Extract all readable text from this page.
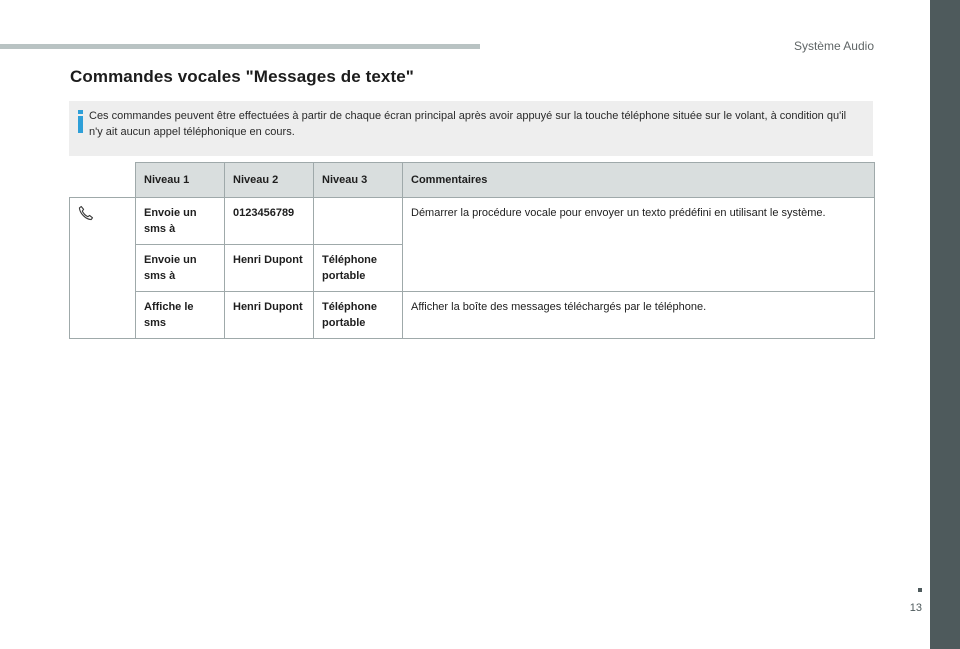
Système Audio
Commandes vocales "Messages de texte"
Ces commandes peuvent être effectuées à partir de chaque écran principal après avoir appuyé sur la touche téléphone située sur le volant, à condition qu'il n'y ait aucun appel téléphonique en cours.
	Niveau 1	Niveau 2	Niveau 3	Commentaires
	Envoie un sms à	0123456789		Démarrer la procédure vocale pour envoyer un texto prédéfini en utilisant le système.
	Envoie un sms à	Henri Dupont	Téléphone portable	
	Affiche le sms	Henri Dupont	Téléphone portable	Afficher la boîte des messages téléchargés par le téléphone.
13
